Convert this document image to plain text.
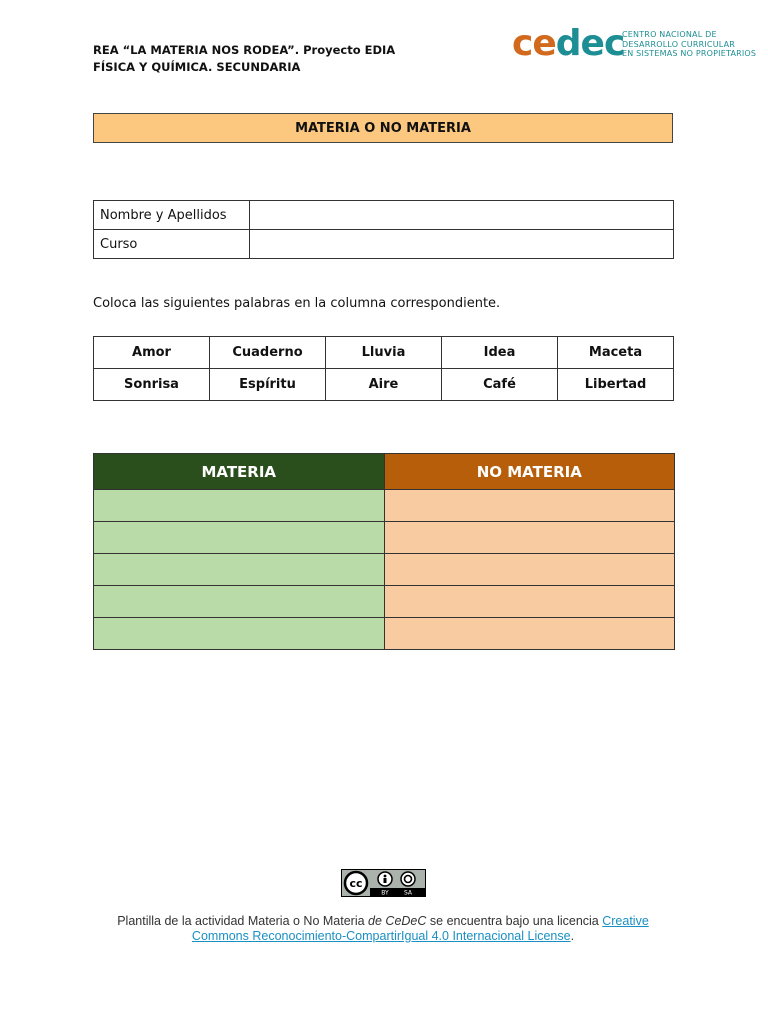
REA “LA MATERIA NOS RODEA”. Proyecto EDIA
FÍSICA Y QUÍMICA. SECUNDARIA
cedec
CENTRO NACIONAL DE
DESARROLLO CURRICULAR
EN SISTEMAS NO PROPIETARIOS
MATERIA O NO MATERIA
Nombre y Apellidos	
Curso	
Coloca las siguientes palabras en la columna correspondiente.
Amor	Cuaderno	Lluvia	Idea	Maceta
Sonrisa	Espíritu	Aire	Café	Libertad
MATERIA	NO MATERIA

cc
BY	SA
Plantilla de la actividad Materia o No Materia de CeDeC se encuentra bajo una licencia Creative Commons Reconocimiento-CompartirIgual 4.0 Internacional License.
